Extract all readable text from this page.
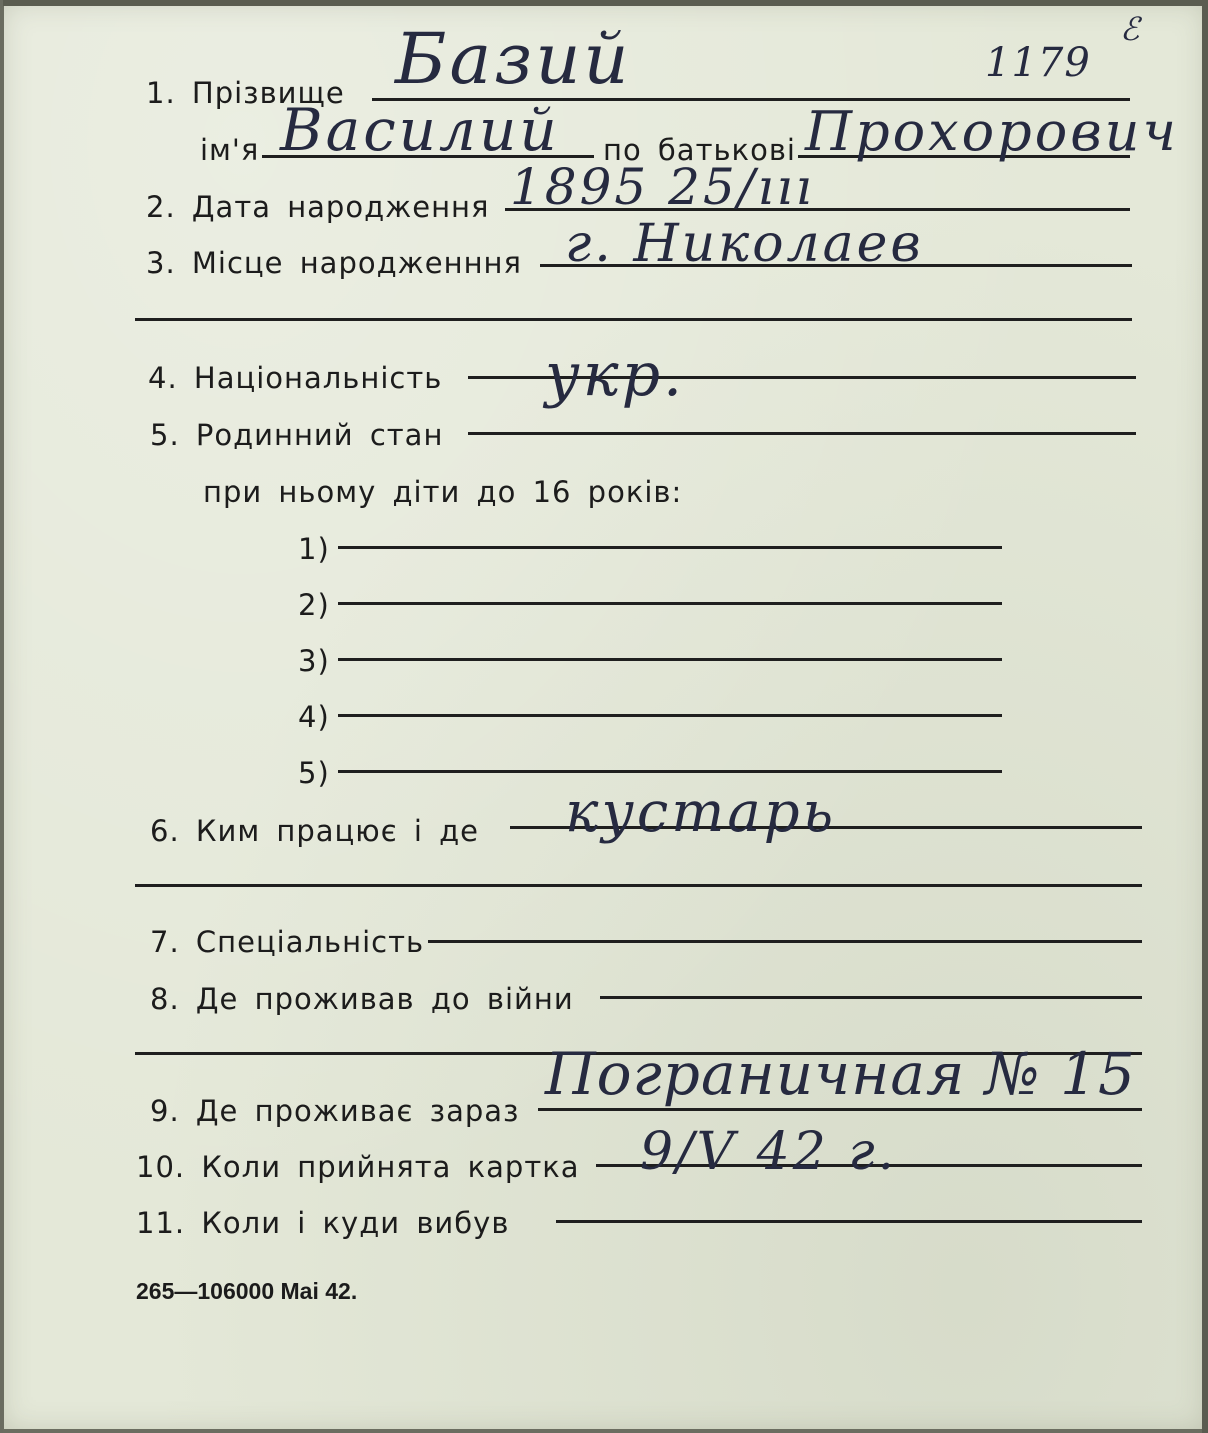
1. Прізвище Базий	1179
ℰ
ім'я Василий по батькові Прохорович
2. Дата народження 1895 25/ııı
3. Місце народженння г. Николаев
4. Національність укр.
5. Родинний стан
при ньому діти до 16 років:
1)
2)
3)
4)
5)
6. Ким працює і де кустарь
7. Спеціальність
8. Де проживав до війни
9. Де проживає зараз
Пограничная № 15
10. Коли прийнята картка 9/V 42 г.
11. Коли і куди вибув
265—106000 Mai 42.
